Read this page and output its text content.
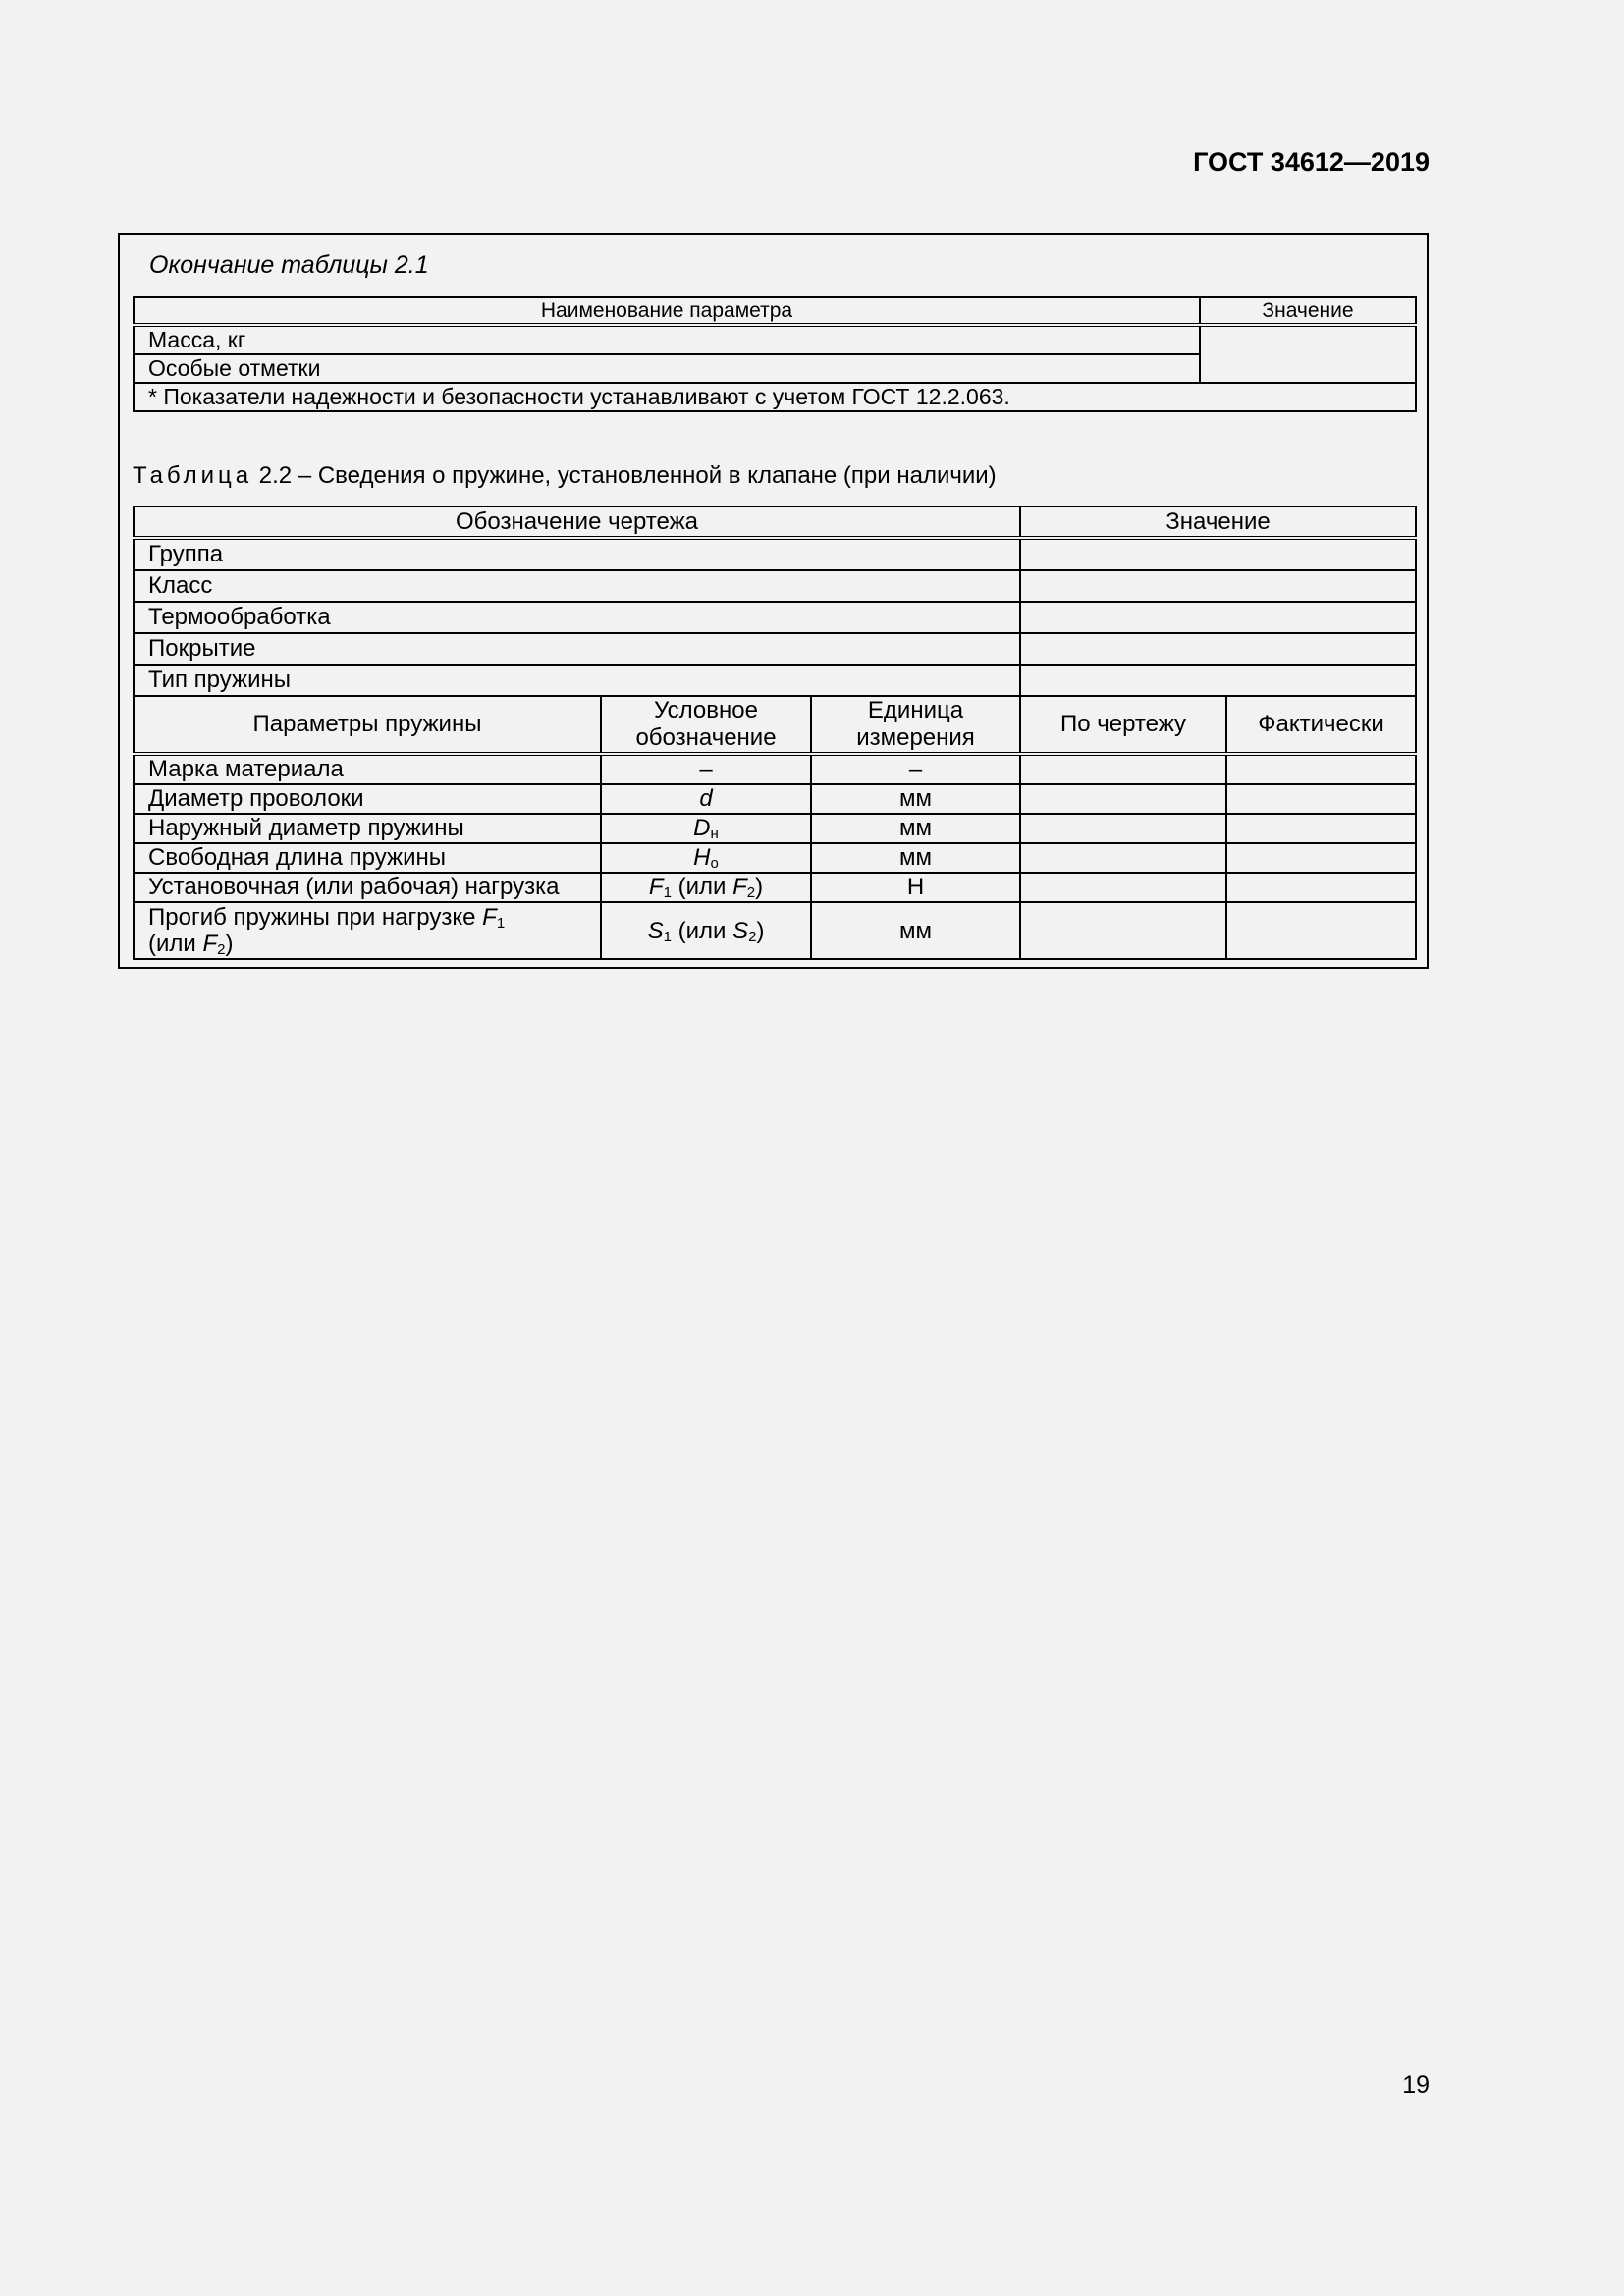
ГОСТ 34612—2019
Окончание таблицы 2.1
Наименование параметра	Значение
Масса, кг	
Особые отметки	
* Показатели надежности и безопасности устанавливают с учетом ГОСТ 12.2.063.	
Таблица 2.2 – Сведения о пружине, установленной в клапане (при наличии)
Обозначение чертежа			Значение	
Группа				
Класс				
Термообработка				
Покрытие				
Тип пружины				
Параметры пружины	Условное обозначение	Единица измерения	По чертежу	Фактически
Марка материала	–	–		
Диаметр проволоки	d	мм		
Наружный диаметр пружины	$D_н$	мм		
Свободная длина пружины	$H_o$	мм		
Установочная (или рабочая) нагрузка	$F_1$ (или $F_2$)	Н		
Прогиб пружины при нагрузке $F_1$
(или $F_2$)	$S_1$ (или $S_2$)	мм		
19
